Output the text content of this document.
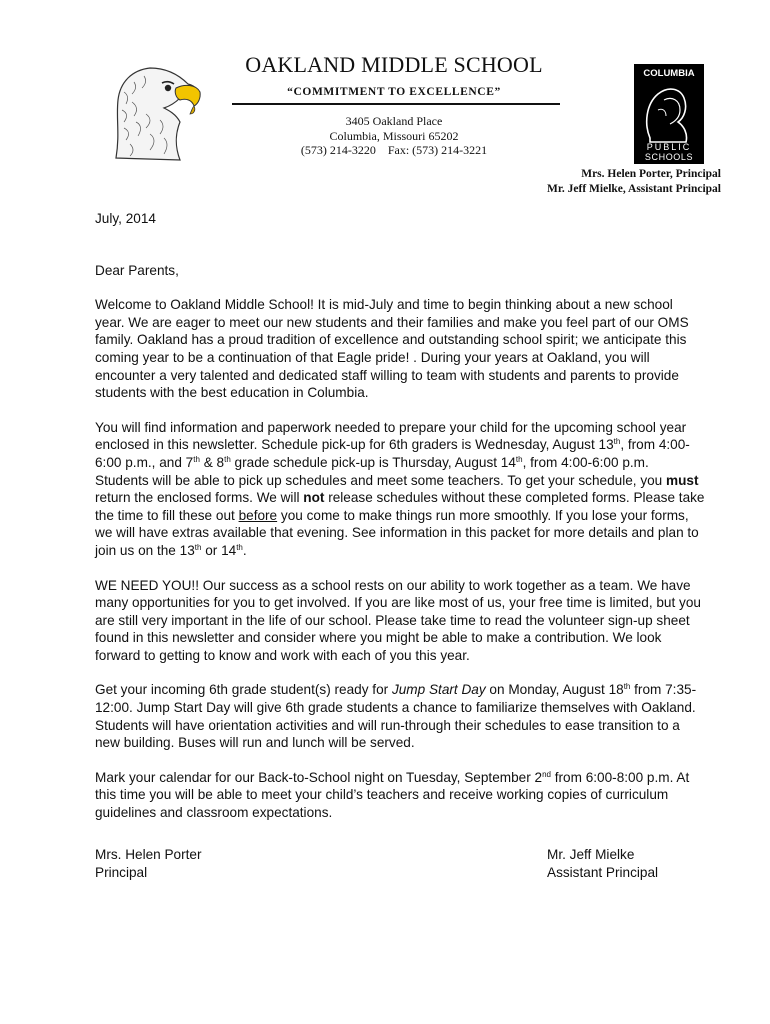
COLUMBIA
PUBLIC
SCHOOLS
OAKLAND MIDDLE SCHOOL
“COMMITMENT TO EXCELLENCE”
3405 Oakland Place
Columbia, Missouri 65202
(573) 214-3220 Fax: (573) 214-3221
Mrs. Helen Porter, Principal
Mr. Jeff Mielke, Assistant Principal

July, 2014

Dear Parents,

Welcome to Oakland Middle School! It is mid-July and time to begin thinking about a new school year. We are eager to meet our new students and their families and make you feel part of our OMS family. Oakland has a proud tradition of excellence and outstanding school spirit; we anticipate this coming year to be a continuation of that Eagle pride! . During your years at Oakland, you will encounter a very talented and dedicated staff willing to team with students and parents to provide students with the best education in Columbia.

You will find information and paperwork needed to prepare your child for the upcoming school year enclosed in this newsletter. Schedule pick-up for 6th graders is Wednesday, August 13th, from 4:00-6:00 p.m., and 7th & 8th grade schedule pick-up is Thursday, August 14th, from 4:00-6:00 p.m. Students will be able to pick up schedules and meet some teachers. To get your schedule, you must return the enclosed forms. We will not release schedules without these completed forms. Please take the time to fill these out before you come to make things run more smoothly. If you lose your forms, we will have extras available that evening. See information in this packet for more details and plan to join us on the 13th or 14th.

WE NEED YOU!! Our success as a school rests on our ability to work together as a team. We have many opportunities for you to get involved. If you are like most of us, your free time is limited, but you are still very important in the life of our school. Please take time to read the volunteer sign-up sheet found in this newsletter and consider where you might be able to make a contribution. We look forward to getting to know and work with each of you this year.

Get your incoming 6th grade student(s) ready for Jump Start Day on Monday, August 18th from 7:35-12:00. Jump Start Day will give 6th grade students a chance to familiarize themselves with Oakland. Students will have orientation activities and will run-through their schedules to ease transition to a new building. Buses will run and lunch will be served.

Mark your calendar for our Back-to-School night on Tuesday, September 2nd from 6:00-8:00 p.m. At this time you will be able to meet your child’s teachers and receive working copies of curriculum guidelines and classroom expectations.

Mrs. Helen Porter
Principal
Mr. Jeff Mielke
Assistant Principal
